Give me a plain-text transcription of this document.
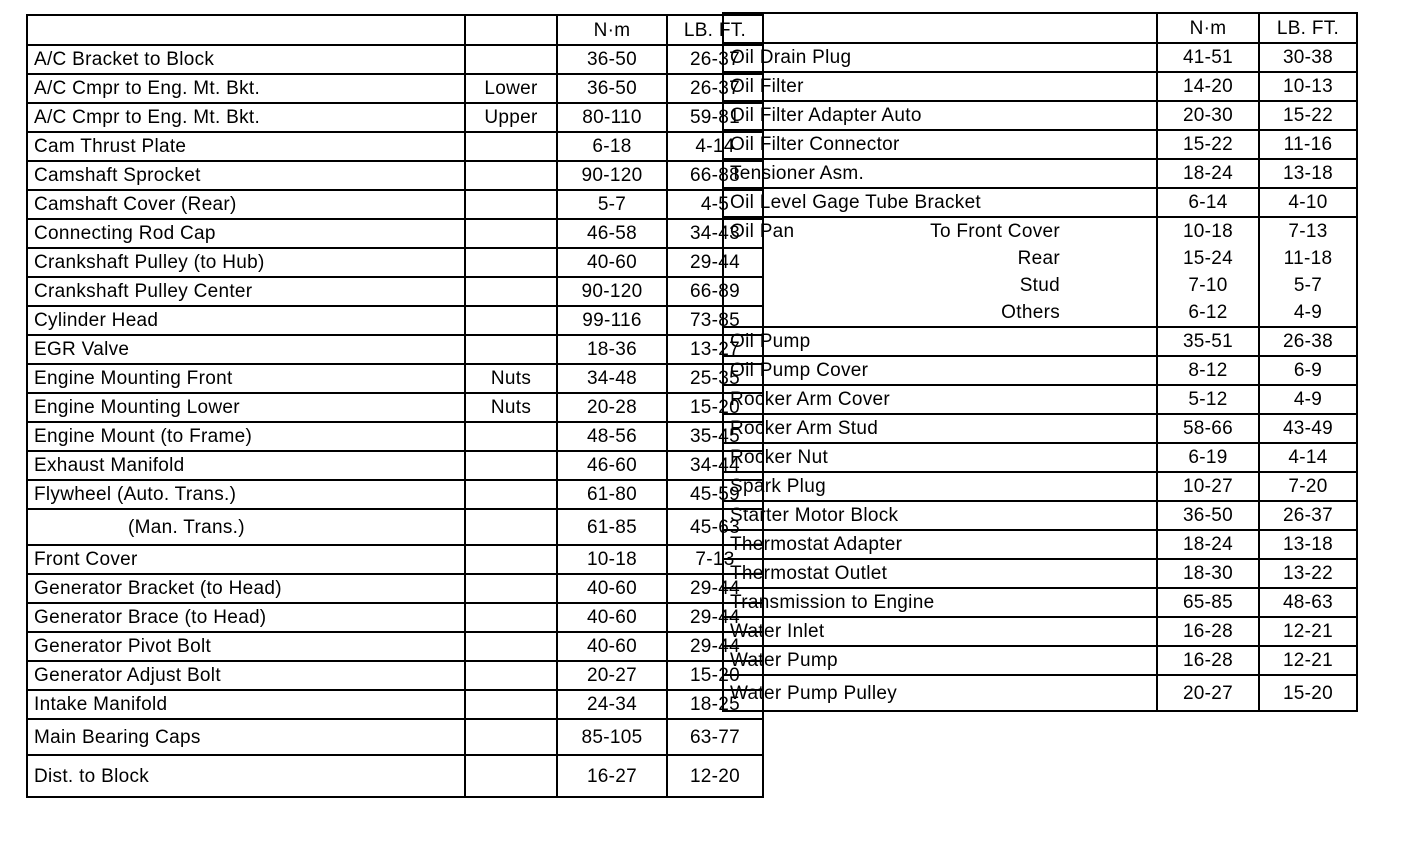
		N·m	LB. FT.
A/C Bracket to Block		36-50	26-37
A/C Cmpr to Eng. Mt. Bkt.	Lower	36-50	26-37
A/C Cmpr to Eng. Mt. Bkt.	Upper	80-110	59-81
Cam Thrust Plate		6-18	4-14
Camshaft Sprocket		90-120	66-88
Camshaft Cover (Rear)		5-7	4-5
Connecting Rod Cap		46-58	34-43
Crankshaft Pulley (to Hub)		40-60	29-44
Crankshaft Pulley Center		90-120	66-89
Cylinder Head		99-116	73-85
EGR Valve		18-36	13-27
Engine Mounting Front	Nuts	34-48	25-35
Engine Mounting Lower	Nuts	20-28	15-20
Engine Mount (to Frame)		48-56	35-45
Exhaust Manifold		46-60	34-44
Flywheel (Auto. Trans.)		61-80	45-59
(Man. Trans.)		61-85	45-63
Front Cover		10-18	7-13
Generator Bracket (to Head)		40-60	29-44
Generator Brace (to Head)		40-60	29-44
Generator Pivot Bolt		40-60	29-44
Generator Adjust Bolt		20-27	15-20
Intake Manifold		24-34	18-25
Main Bearing Caps		85-105	63-77
Dist. to Block		16-27	12-20
	N·m	LB. FT.
Oil Drain Plug	41-51	30-38
Oil Filter	14-20	10-13
Oil Filter Adapter Auto	20-30	15-22
Oil Filter Connector	15-22	11-16
Tensioner Asm.	18-24	13-18
Oil Level Gage Tube Bracket	6-14	4-10
Oil Pan To Front Cover	10-18	7-13

Rear	15-24	11-18

Stud	7-10	5-7

Others	6-12	4-9
Oil Pump	35-51	26-38
Oil Pump Cover	8-12	6-9
Rocker Arm Cover	5-12	4-9
Rocker Arm Stud	58-66	43-49
Rocker Nut	6-19	4-14
Spark Plug	10-27	7-20
Starter Motor Block	36-50	26-37
Thermostat Adapter	18-24	13-18
Thermostat Outlet	18-30	13-22
Transmission to Engine	65-85	48-63
Water Inlet	16-28	12-21
Water Pump	16-28	12-21
Water Pump Pulley	20-27	15-20
